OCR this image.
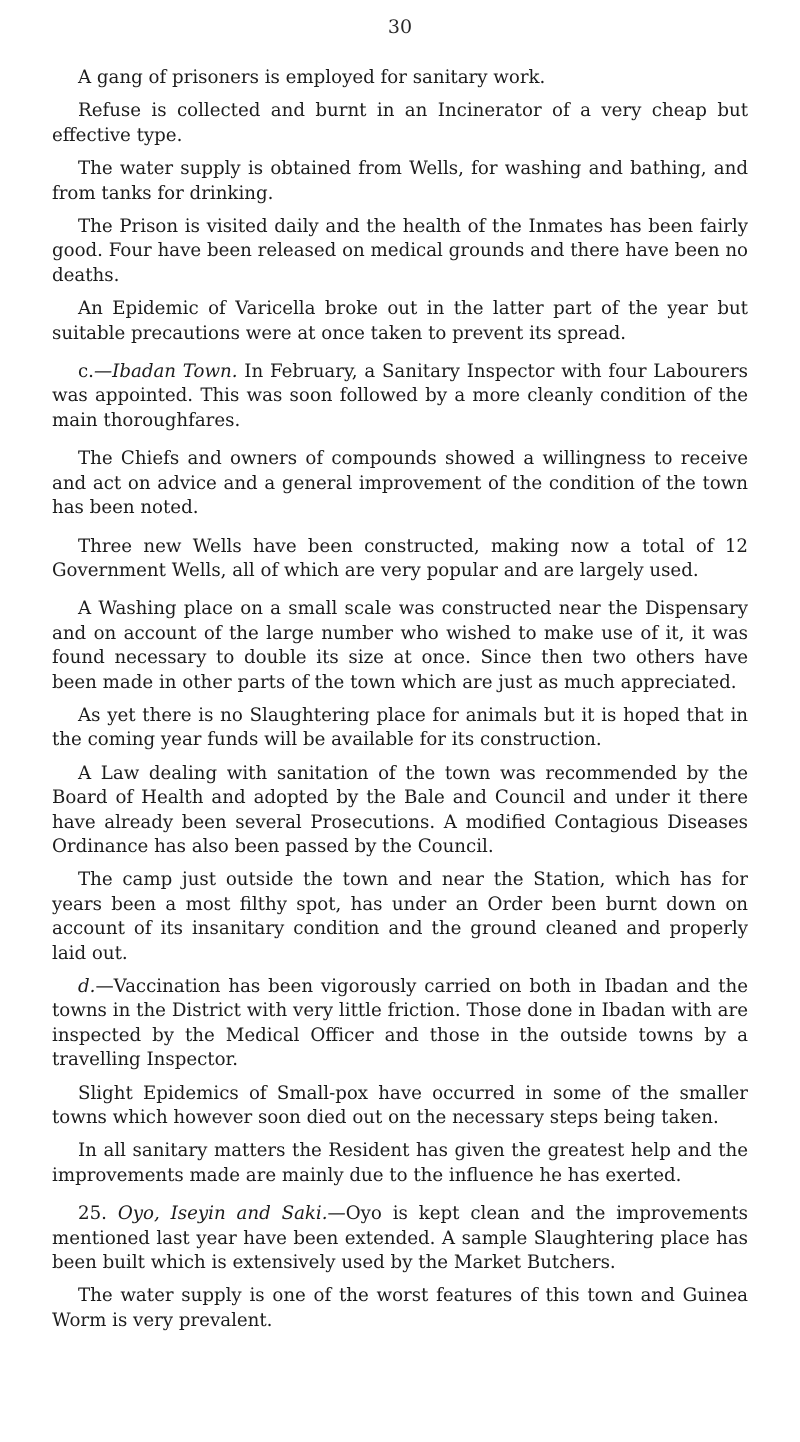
30

A gang of prisoners is employed for sanitary work.

Refuse is collected and burnt in an Incinerator of a very cheap but effective type.

The water supply is obtained from Wells, for washing and bathing, and from tanks for drinking.

The Prison is visited daily and the health of the Inmates has been fairly good. Four have been released on medical grounds and there have been no deaths.

An Epidemic of Varicella broke out in the latter part of the year but suitable precautions were at once taken to prevent its spread.

c.—Ibadan Town. In February, a Sanitary Inspector with four Labourers was appointed. This was soon followed by a more cleanly condition of the main thoroughfares.

The Chiefs and owners of compounds showed a willingness to receive and act on advice and a general improvement of the condition of the town has been noted.

Three new Wells have been constructed, making now a total of 12 Government Wells, all of which are very popular and are largely used.

A Washing place on a small scale was constructed near the Dispensary and on account of the large number who wished to make use of it, it was found necessary to double its size at once. Since then two others have been made in other parts of the town which are just as much appreciated.

As yet there is no Slaughtering place for animals but it is hoped that in the coming year funds will be available for its construction.

A Law dealing with sanitation of the town was recommended by the Board of Health and adopted by the Bale and Council and under it there have already been several Prosecutions. A modified Contagious Diseases Ordinance has also been passed by the Council.

The camp just outside the town and near the Station, which has for years been a most filthy spot, has under an Order been burnt down on account of its insanitary condition and the ground cleaned and properly laid out.

d.—Vaccination has been vigorously carried on both in Ibadan and the towns in the District with very little friction. Those done in Ibadan with are inspected by the Medical Officer and those in the outside towns by a travelling Inspector.

Slight Epidemics of Small-pox have occurred in some of the smaller towns which however soon died out on the necessary steps being taken.

In all sanitary matters the Resident has given the greatest help and the improvements made are mainly due to the influence he has exerted.

25. Oyo, Iseyin and Saki.—Oyo is kept clean and the improvements mentioned last year have been extended. A sample Slaughtering place has been built which is extensively used by the Market Butchers.

The water supply is one of the worst features of this town and Guinea Worm is very prevalent.
